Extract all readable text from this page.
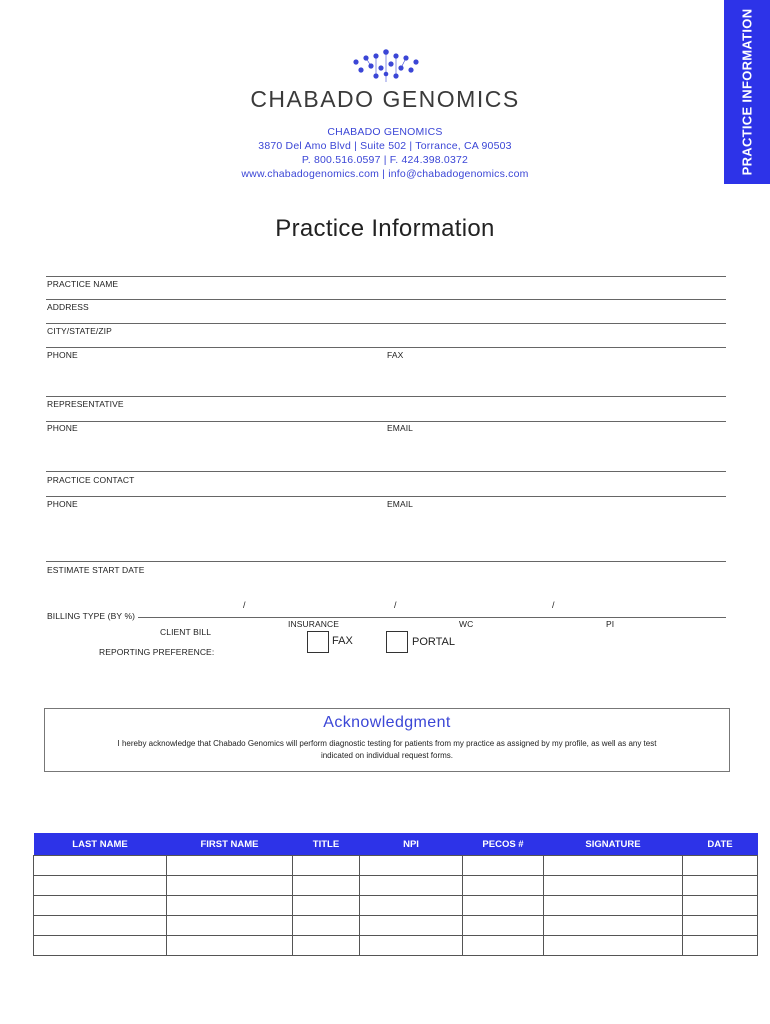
PRACTICE INFORMATION
CHABADO GENOMICS
CHABADO GENOMICS
3870 Del Amo Blvd | Suite 502 | Torrance, CA 90503
P. 800.516.0597 | F. 424.398.0372
www.chabadogenomics.com | info@chabadogenomics.com
Practice Information
PRACTICE NAME
ADDRESS
CITY/STATE/ZIP
PHONE	FAX
REPRESENTATIVE
PHONE	EMAIL
PRACTICE CONTACT
PHONE	EMAIL
ESTIMATE START DATE
/	/	/
BILLING TYPE (BY %)
CLIENT BILL
INSURANCE	WC	PI
REPORTING PREFERENCE:
FAX	PORTAL
Acknowledgment
I hereby acknowledge that Chabado Genomics will perform diagnostic testing for patients from my practice as assigned by my profile, as well as any test indicated on individual request forms.
LAST NAME	FIRST NAME	TITLE	NPI	PECOS #	SIGNATURE	DATE
